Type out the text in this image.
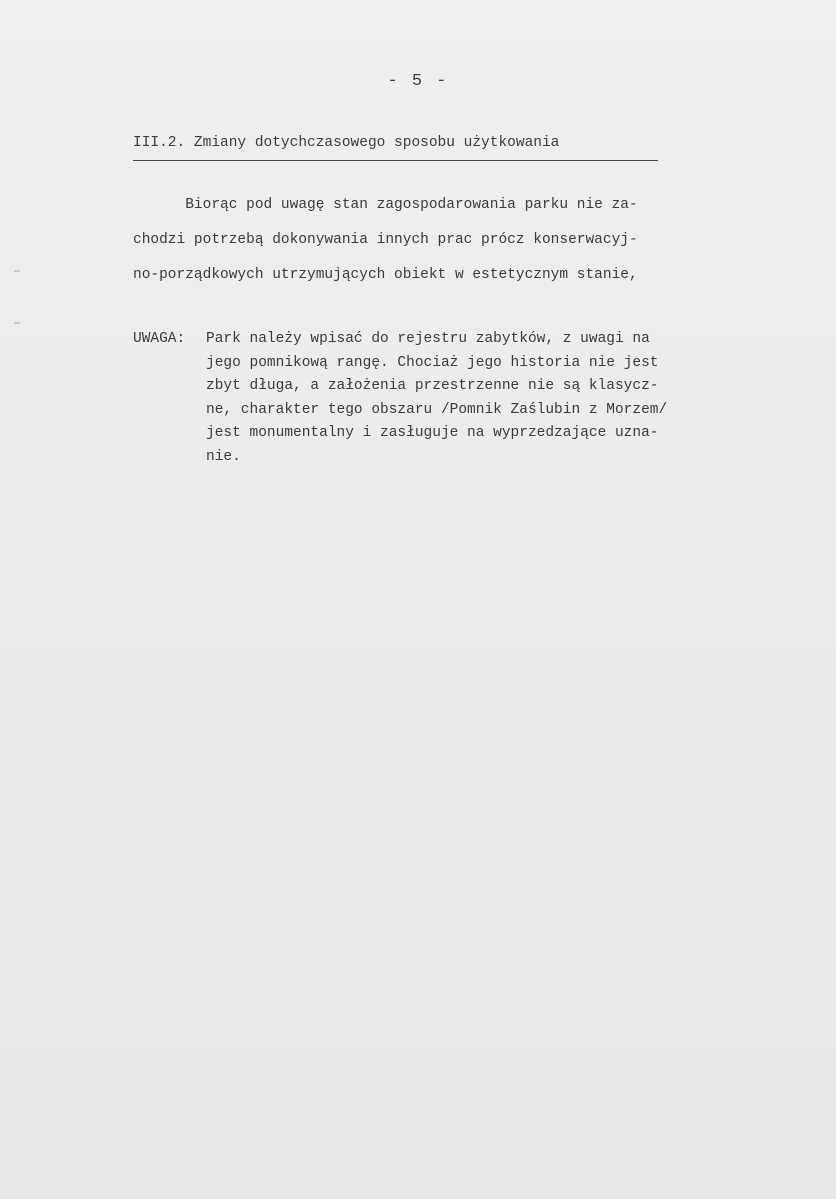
- 5 -
III.2. Zmiany dotychczasowego sposobu użytkowania
Biorąc pod uwagę stan zagospodarowania parku nie za-
chodzi potrzebą dokonywania innych prac prócz konserwacyj-
no-porządkowych utrzymujących obiekt w estetycznym stanie,
UWAGA: Park należy wpisać do rejestru zabytków, z uwagi na
jego pomnikową rangę. Chociaż jego historia nie jest
zbyt długa, a założenia przestrzenne nie są klasycz-
ne, charakter tego obszaru /Pomnik Zaślubin z Morzem/
jest monumentalny i zasługuje na wyprzedzające uzna-
nie.
